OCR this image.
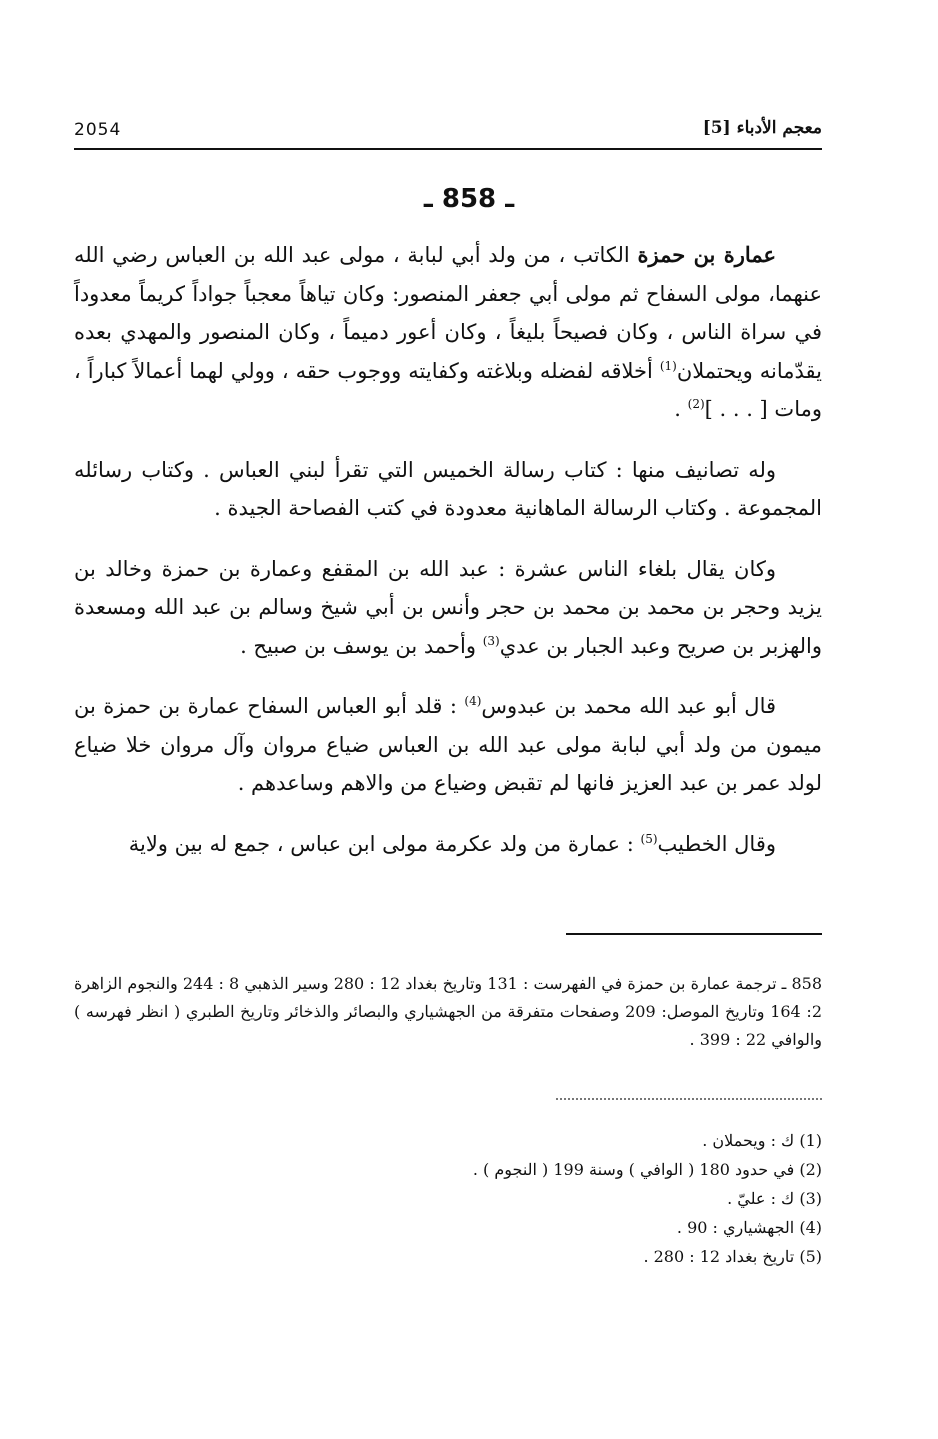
2054	معجم الأدباء [5]
ـ 858 ـ

عمارة بن حمزة الكاتب ، من ولد أبي لبابة ، مولى عبد الله بن العباس رضي الله عنهما، مولى السفاح ثم مولى أبي جعفر المنصور: وكان تياهاً معجباً جواداً كريماً معدوداً في سراة الناس ، وكان فصيحاً بليغاً ، وكان أعور دميماً ، وكان المنصور والمهدي بعده يقدّمانه ويحتملان$^{(1)}$ أخلاقه لفضله وبلاغته وكفايته ووجوب حقه ، وولي لهما أعمالاً كباراً ، ومات [ . . . ]$^{(2)}$ .

وله تصانيف منها : كتاب رسالة الخميس التي تقرأ لبني العباس . وكتاب رسائله المجموعة . وكتاب الرسالة الماهانية معدودة في كتب الفصاحة الجيدة .

وكان يقال بلغاء الناس عشرة : عبد الله بن المقفع وعمارة بن حمزة وخالد بن يزيد وحجر بن محمد بن محمد بن حجر وأنس بن أبي شيخ وسالم بن عبد الله ومسعدة والهزبر بن صريح وعبد الجبار بن عدي$^{(3)}$ وأحمد بن يوسف بن صبيح .

قال أبو عبد الله محمد بن عبدوس$^{(4)}$ : قلد أبو العباس السفاح عمارة بن حمزة بن ميمون من ولد أبي لبابة مولى عبد الله بن العباس ضياع مروان وآل مروان خلا ضياع لولد عمر بن عبد العزيز فانها لم تقبض وضياع من والاهم وساعدهم .

وقال الخطيب$^{(5)}$ : عمارة من ولد عكرمة مولى ابن عباس ، جمع له بين ولاية

858 ـ ترجمة عمارة بن حمزة في الفهرست : 131 وتاريخ بغداد 12 : 280 وسير الذهبي 8 : 244 والنجوم الزاهرة 2: 164 وتاريخ الموصل: 209 وصفحات متفرقة من الجهشياري والبصائر والذخائر وتاريخ الطبري ( انظر فهرسه ) والوافي 22 : 399 .
(1) ك : ويحملان .
(2) في حدود 180 ( الوافي ) وسنة 199 ( النجوم ) .
(3) ك : عليّ .
(4) الجهشياري : 90 .
(5) تاريخ بغداد 12 : 280 .
